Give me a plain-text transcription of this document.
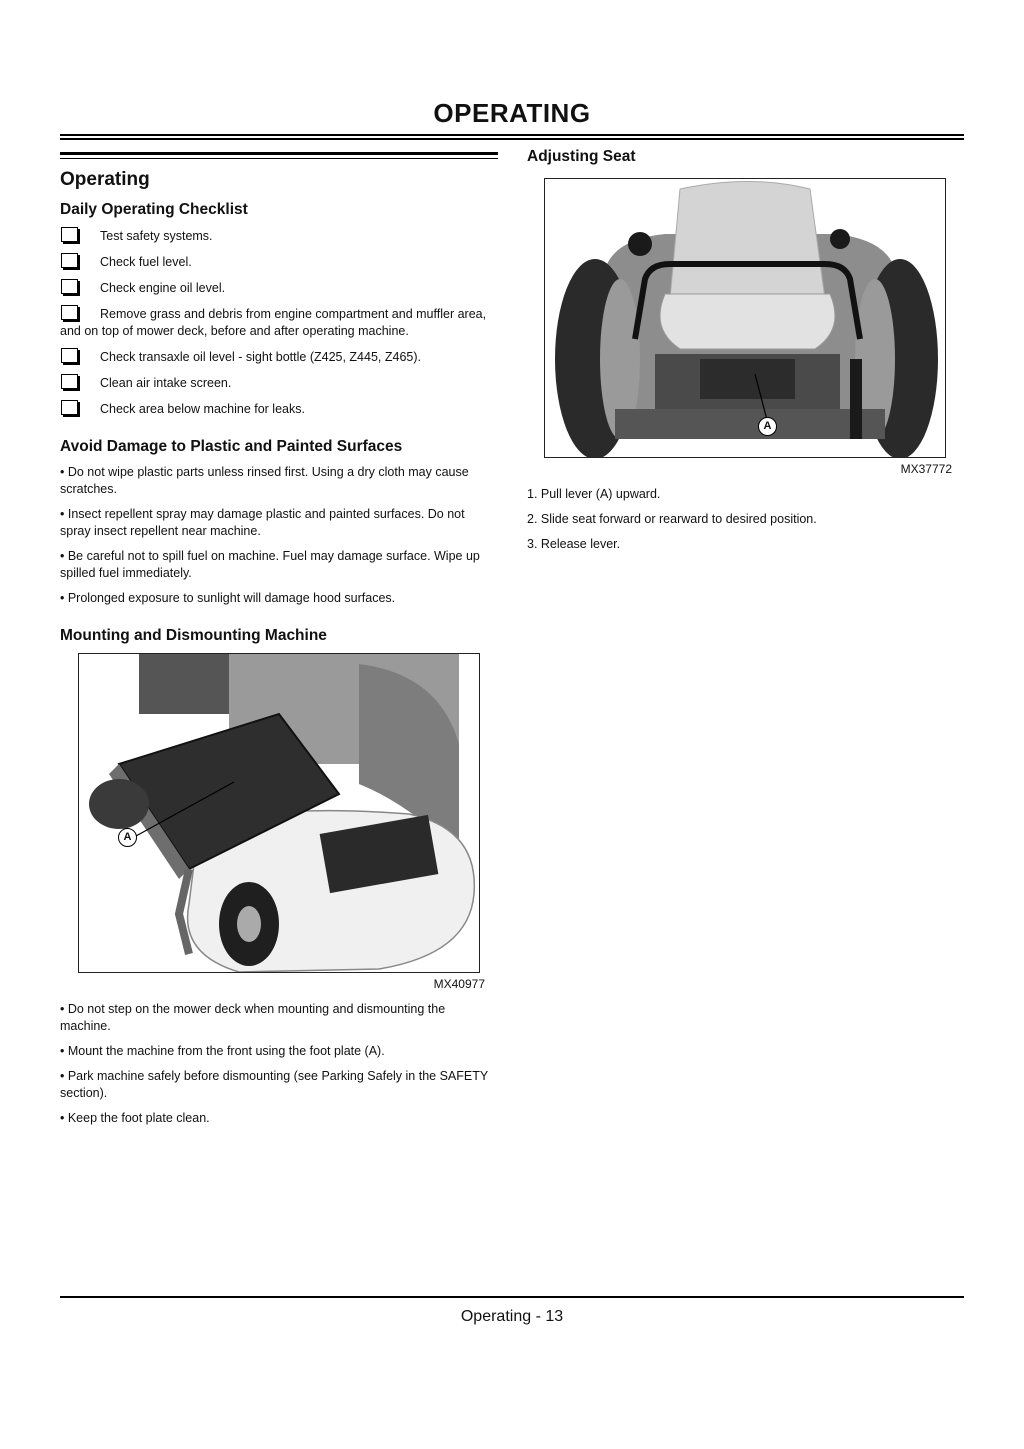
OPERATING
Operating
Daily Operating Checklist
Test safety systems.
Check fuel level.
Check engine oil level.
Remove grass and debris from engine compartment and muffler area, and on top of mower deck, before and after operating machine.
Check transaxle oil level - sight bottle (Z425, Z445, Z465).
Clean air intake screen.
Check area below machine for leaks.
Avoid Damage to Plastic and Painted Surfaces

• Do not wipe plastic parts unless rinsed first. Using a dry cloth may cause scratches.

• Insect repellent spray may damage plastic and painted surfaces. Do not spray insect repellent near machine.

• Be careful not to spill fuel on machine. Fuel may damage surface. Wipe up spilled fuel immediately.

• Prolonged exposure to sunlight will damage hood surfaces.

Mounting and Dismounting Machine
A
MX40977

• Do not step on the mower deck when mounting and dismounting the machine.

• Mount the machine from the front using the foot plate (A).

• Park machine safely before dismounting (see Parking Safely in the SAFETY section).

• Keep the foot plate clean.

Adjusting Seat
A
MX37772

1. Pull lever (A) upward.

2. Slide seat forward or rearward to desired position.

3. Release lever.

Operating - 13
